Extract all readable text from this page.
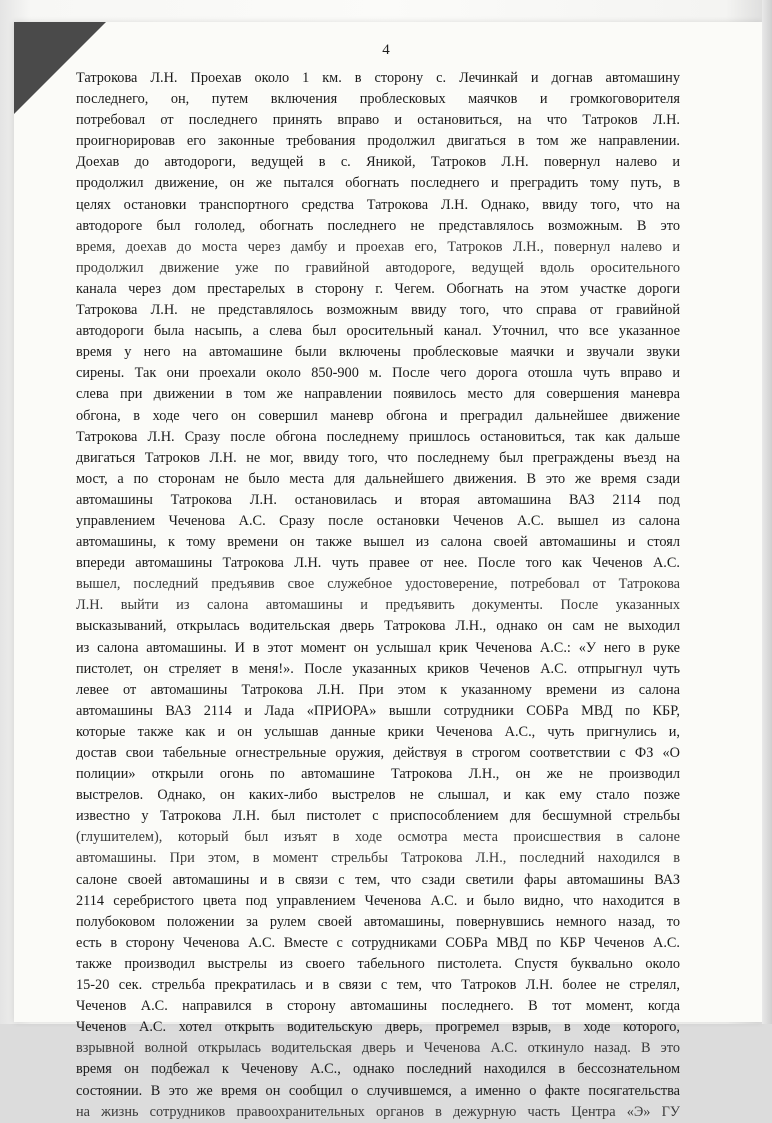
4
Татрокова Л.Н. Проехав около 1 км. в сторону с. Лечинкай и догнав автомашину
последнего, он, путем включения проблесковых маячков и громкоговорителя
потребовал от последнего принять вправо и остановиться, на что Татроков Л.Н.
проигнорировав его законные требования продолжил двигаться в том же направлении.
Доехав до автодороги, ведущей в с. Яникой, Татроков Л.Н. повернул налево и
продолжил движение, он же пытался обогнать последнего и преградить тому путь, в
целях остановки транспортного средства Татрокова Л.Н. Однако, ввиду того, что на
автодороге был гололед, обогнать последнего не представлялось возможным. В это
время, доехав до моста через дамбу и проехав его, Татроков Л.Н., повернул налево и
продолжил движение уже по гравийной автодороге, ведущей вдоль оросительного
канала через дом престарелых в сторону г. Чегем. Обогнать на этом участке дороги
Татрокова Л.Н. не представлялось возможным ввиду того, что справа от гравийной
автодороги была насыпь, а слева был оросительный канал. Уточнил, что все указанное
время у него на автомашине были включены проблесковые маячки и звучали звуки
сирены. Так они проехали около 850-900 м. После чего дорога отошла чуть вправо и
слева при движении в том же направлении появилось место для совершения маневра
обгона, в ходе чего он совершил маневр обгона и преградил дальнейшее движение
Татрокова Л.Н. Сразу после обгона последнему пришлось остановиться, так как дальше
двигаться Татроков Л.Н. не мог, ввиду того, что последнему был преграждены въезд на
мост, а по сторонам не было места для дальнейшего движения. В это же время сзади
автомашины Татрокова Л.Н. остановилась и вторая автомашина ВАЗ 2114 под
управлением Чеченова А.С. Сразу после остановки Чеченов А.С. вышел из салона
автомашины, к тому времени он также вышел из салона своей автомашины и стоял
впереди автомашины Татрокова Л.Н. чуть правее от нее. После того как Чеченов А.С.
вышел, последний предъявив свое служебное удостоверение, потребовал от Татрокова
Л.Н. выйти из салона автомашины и предъявить документы. После указанных
высказываний, открылась водительская дверь Татрокова Л.Н., однако он сам не выходил
из салона автомашины. И в этот момент он услышал крик Чеченова А.С.: «У него в руке
пистолет, он стреляет в меня!». После указанных криков Чеченов А.С. отпрыгнул чуть
левее от автомашины Татрокова Л.Н. При этом к указанному времени из салона
автомашины ВАЗ 2114 и Лада «ПРИОРА» вышли сотрудники СОБРа МВД по КБР,
которые также как и он услышав данные крики Чеченова А.С., чуть пригнулись и,
достав свои табельные огнестрельные оружия, действуя в строгом соответствии с ФЗ «О
полиции» открыли огонь по автомашине Татрокова Л.Н., он же не производил
выстрелов. Однако, он каких-либо выстрелов не слышал, и как ему стало позже
известно у Татрокова Л.Н. был пистолет с приспособлением для бесшумной стрельбы
(глушителем), который был изъят в ходе осмотра места происшествия в салоне
автомашины. При этом, в момент стрельбы Татрокова Л.Н., последний находился в
салоне своей автомашины и в связи с тем, что сзади светили фары автомашины ВАЗ
2114 серебристого цвета под управлением Чеченова А.С. и было видно, что находится в
полубоковом положении за рулем своей автомашины, повернувшись немного назад, то
есть в сторону Чеченова А.С. Вместе с сотрудниками СОБРа МВД по КБР Чеченов А.С.
также производил выстрелы из своего табельного пистолета. Спустя буквально около
15-20 сек. стрельба прекратилась и в связи с тем, что Татроков Л.Н. более не стрелял,
Чеченов А.С. направился в сторону автомашины последнего. В тот момент, когда
Чеченов А.С. хотел открыть водительскую дверь, прогремел взрыв, в ходе которого,
взрывной волной открылась водительская дверь и Чеченова А.С. откинуло назад. В это
время он подбежал к Чеченову А.С., однако последний находился в бессознательном
состоянии. В это же время он сообщил о случившемся, а именно о факте посягательства
на жизнь сотрудников правоохранительных органов в дежурную часть Центра «Э» ГУ
